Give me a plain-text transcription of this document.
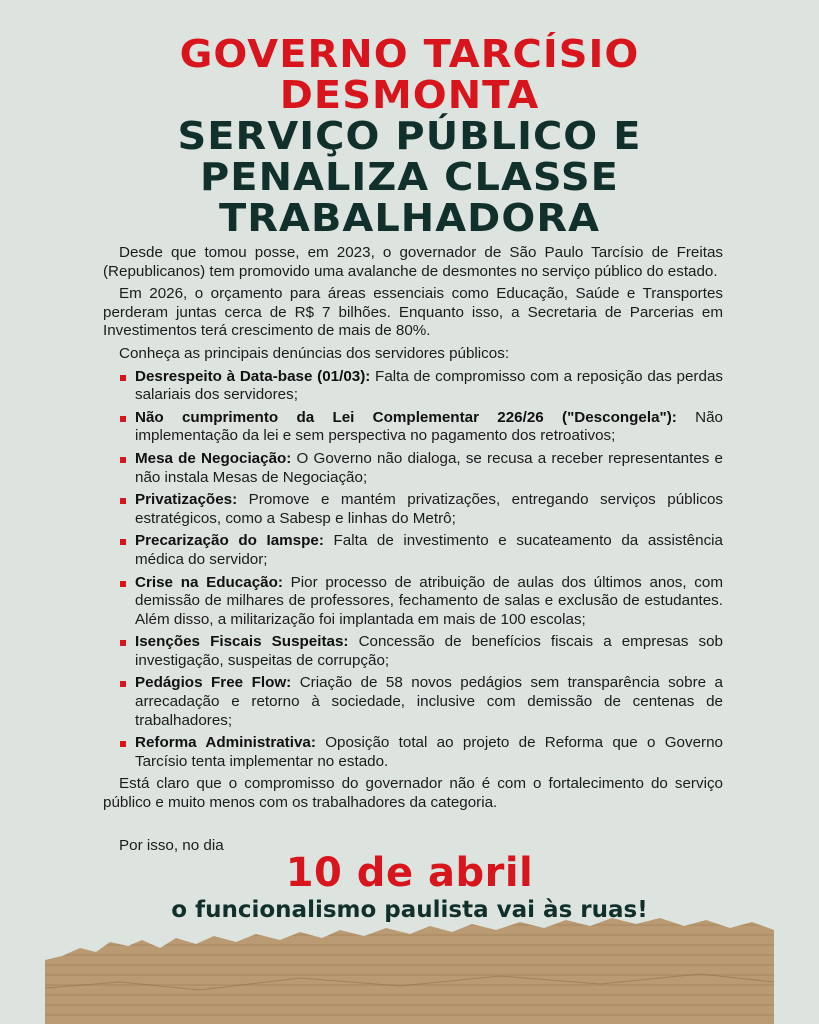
GOVERNO TARCÍSIO
DESMONTA
SERVIÇO PÚBLICO E
PENALIZA CLASSE
TRABALHADORA

Desde que tomou posse, em 2023, o governador de São Paulo Tarcísio de Freitas (Republicanos) tem promovido uma avalanche de desmontes no serviço público do estado.

Em 2026, o orçamento para áreas essenciais como Educação, Saúde e Transportes perderam juntas cerca de R$ 7 bilhões. Enquanto isso, a Secretaria de Parcerias em Investimentos terá crescimento de mais de 80%.

Conheça as principais denúncias dos servidores públicos:

Desrespeito à Data-base (01/03): Falta de compromisso com a reposição das perdas salariais dos servidores;
Não cumprimento da Lei Complementar 226/26 ("Descongela"): Não implementação da lei e sem perspectiva no pagamento dos retroativos;
Mesa de Negociação: O Governo não dialoga, se recusa a receber representantes e não instala Mesas de Negociação;
Privatizações: Promove e mantém privatizações, entregando serviços públicos estratégicos, como a Sabesp e linhas do Metrô;
Precarização do Iamspe: Falta de investimento e sucateamento da assistência médica do servidor;
Crise na Educação: Pior processo de atribuição de aulas dos últimos anos, com demissão de milhares de professores, fechamento de salas e exclusão de estudantes. Além disso, a militarização foi implantada em mais de 100 escolas;
Isenções Fiscais Suspeitas: Concessão de benefícios fiscais a empresas sob investigação, suspeitas de corrupção;
Pedágios Free Flow: Criação de 58 novos pedágios sem transparência sobre a arrecadação e retorno à sociedade, inclusive com demissão de centenas de trabalhadores;
Reforma Administrativa: Oposição total ao projeto de Reforma que o Governo Tarcísio tenta implementar no estado.

Está claro que o compromisso do governador não é com o fortalecimento do serviço público e muito menos com os trabalhadores da categoria.

Por isso, no dia

10 de abril
o funcionalismo paulista vai às ruas!
